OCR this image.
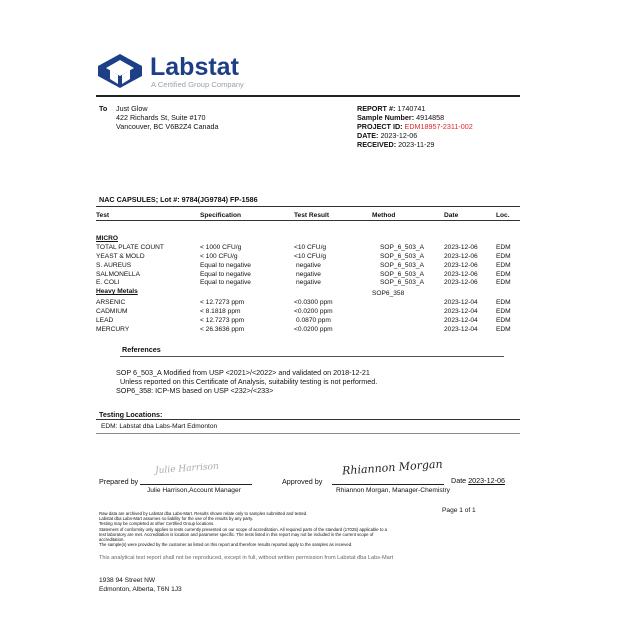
Labstat
A Certified Group Company
To Just Glow
422 Richards St, Suite #170
Vancouver, BC V6B2Z4 Canada
REPORT #: 1740741
Sample Number: 4914858
PROJECT ID: EDM18957-2311-002
DATE: 2023-12-06
RECEIVED: 2023-11-29
NAC CAPSULES; Lot #: 9784(JG9784) FP-1586
Test	Specification	Test Result	Method	Date	Loc.
MICRO					
TOTAL PLATE COUNT	< 1000 CFU/g	<10 CFU/g	SOP_6_503_A	2023-12-06	EDM
YEAST & MOLD	< 100 CFU/g	<10 CFU/g	SOP_6_503_A	2023-12-06	EDM
S. AUREUS	Equal to negative	negative	SOP_6_503_A	2023-12-06	EDM
SALMONELLA	Equal to negative	negative	SOP_6_503_A	2023-12-06	EDM
E. COLI	Equal to negative	negative	SOP_6_503_A	2023-12-06	EDM
Heavy Metals			SOP6_358		
ARSENIC	< 12.7273 ppm	<0.0300 ppm		2023-12-04	EDM
CADMIUM	< 8.1818 ppm	<0.0200 ppm		2023-12-04	EDM
LEAD	< 12.7273 ppm	0.0870 ppm		2023-12-04	EDM
MERCURY	< 26.3636 ppm	<0.0200 ppm		2023-12-04	EDM
References
SOP 6_503_A Modified from USP <2021>/<2022> and validated on 2018-12-21
Unless reported on this Certificate of Analysis, suitability testing is not performed.
SOP6_358: ICP-MS based on USP <232>/<233>
Testing Locations:
EDM: Labstat dba Labs-Mart Edmonton
Prepared by
Julie Harrison
Julie Harrison,Account Manager
Approved by
Rhiannon Morgan
Rhiannon Morgan, Manager-Chemistry
Date 2023-12-06
Page 1 of 1
Raw data are archived by Labstat dba Labs-Mart. Results shown relate only to samples submitted and tested.
Labstat dba Labs-Mart assumes no liability for the use of the results by any party.
Testing may be completed at other Certified Group locations.
Statement of conformity only applies to tests currently presented on our scope of accreditation. All required parts of the standard (17025) applicable to a
test laboratory are met. Accreditation is location and parameter specific. The tests listed in this report may not be included in the current scope of
accreditation.
The sample(s) were provided by the customer as listed on this report and therefore results reported apply to the samples as received.
This analytical test report shall not be reproduced, except in full, without written permission from Labstat dba Labs-Mart
1938 94 Street NW
Edmonton, Alberta, T6N 1J3
